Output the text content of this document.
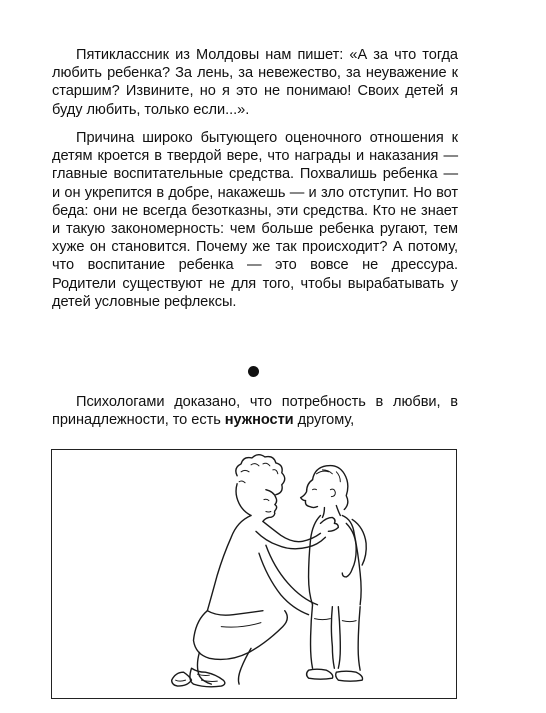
Пятиклассник из Молдовы нам пишет: «А за что тогда любить ребенка? За лень, за невежество, за неуважение к старшим? Извините, но я это не понимаю! Своих детей я буду любить, только если...».

Причина широко бытующего оценочного отношения к детям кроется в твердой вере, что награды и наказания — главные воспитательные средства. Похвалишь ребенка — и он укрепится в добре, накажешь — и зло отступит. Но вот беда: они не всегда безотказны, эти средства. Кто не знает и такую закономерность: чем больше ребенка ругают, тем хуже он становится. Почему же так происходит? А потому, что воспитание ребенка — это вовсе не дрессура. Родители существуют не для того, чтобы вырабатывать у детей условные рефлексы.

Психологами доказано, что потребность в любви, в принадлежности, то есть нужности другому,
